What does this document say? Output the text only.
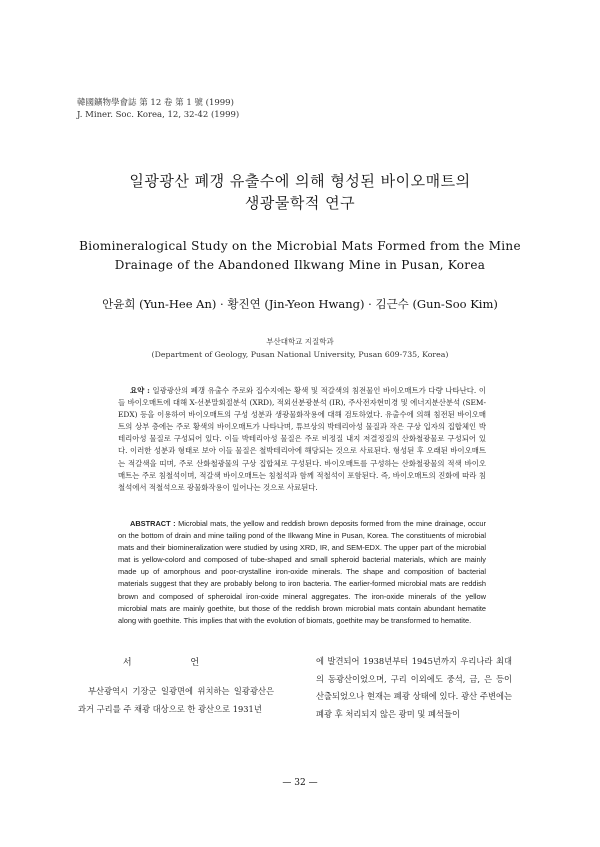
韓國鑛物學會誌 第 12 卷 第 1 號 (1999)
J. Miner. Soc. Korea, 12, 32-42 (1999)
일광광산 폐갱 유출수에 의해 형성된 바이오매트의
생광물학적 연구
Biomineralogical Study on the Microbial Mats Formed from the Mine
Drainage of the Abandoned Ilkwang Mine in Pusan, Korea
안윤희 (Yun-Hee An) · 황진연 (Jin-Yeon Hwang) · 김근수 (Gun-Soo Kim)
부산대학교 지질학과
(Department of Geology, Pusan National University, Pusan 609-735, Korea)
요약 : 일광광산의 폐갱 유출수 주로와 집수지에는 황색 및 적갈색의 침전물인 바이오매트가 다량 나타난다. 이들 바이오매트에 대해 X-선분말회절분석 (XRD), 적외선분광분석 (IR), 주사전자현미경 및 에너지분산분석 (SEM-EDX) 등을 이용하여 바이오매트의 구성 성분과 생광물화작용에 대해 검토하였다. 유출수에 의해 침전된 바이오매트의 상부 층에는 주로 황색의 바이오매트가 나타나며, 튜브상의 박테리아성 물질과 작은 구상 입자의 집합체인 박테리아성 물질로 구성되어 있다. 이들 박테리아성 물질은 주로 비정질 내지 저결정질의 산화철광물로 구성되어 있다. 이러한 성분과 형태로 보아 이들 물질은 철박테리아에 해당되는 것으로 사료된다. 형성된 후 오래된 바이오매트는 적갈색을 띠며, 주로 산화철광물의 구상 집합체로 구성된다. 바이오매트를 구성하는 산화철광물의 적색 바이오매트는 주로 침철석이며, 적갈색 바이오매트는 침철석과 함께 적철석이 포함된다. 즉, 바이오매트의 진화에 따라 침철석에서 적철석으로 광물화작용이 일어나는 것으로 사료된다.
ABSTRACT : Microbial mats, the yellow and reddish brown deposits formed from the mine drainage, occur on the bottom of drain and mine tailing pond of the Ilkwang Mine in Pusan, Korea. The constituents of microbial mats and their biomineralization were studied by using XRD, IR, and SEM-EDX. The upper part of the microbial mat is yellow-colord and composed of tube-shaped and small spheroid bacterial materials, which are mainly made up of amorphous and poor-crystalline iron-oxide minerals. The shape and composition of bacterial materials suggest that they are probably belong to iron bacteria. The earlier-formed microbial mats are reddish brown and composed of spheroidal iron-oxide mineral aggregates. The iron-oxide minerals of the yellow microbial mats are mainly goethite, but those of the reddish brown microbial mats contain abundant hematite along with goethite. This implies that with the evolution of biomats, goethite may be transformed to hematite.
서 언
부산광역시 기장군 일광면에 위치하는 일광광산은 과거 구리를 주 채광 대상으로 한 광산으로 1931년
에 발견되어 1938년부터 1945년까지 우리나라 최대의 동광산이었으며, 구리 이외에도 중석, 금, 은 등이 산출되었으나 현재는 폐광 상태에 있다. 광산 주변에는 폐광 후 처리되지 않은 광미 및 폐석들이
— 32 —
